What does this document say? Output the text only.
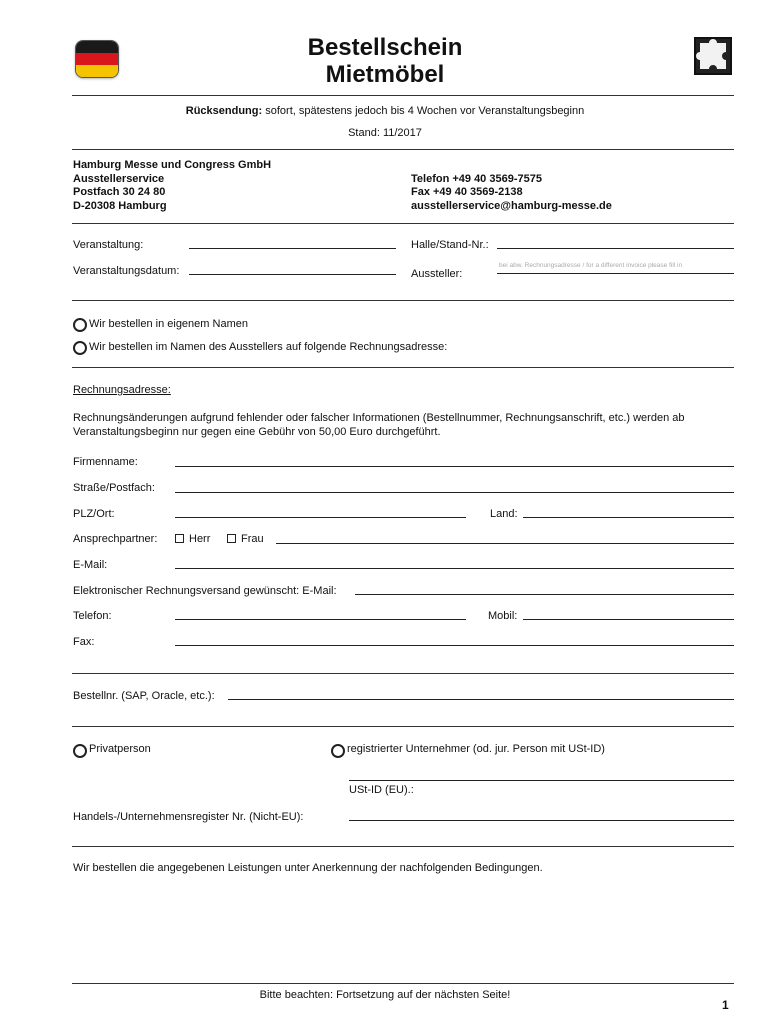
Bestellschein
Mietmöbel
Rücksendung: sofort, spätestens jedoch bis 4 Wochen vor Veranstaltungsbeginn
Stand: 11/2017
Hamburg Messe und Congress GmbH
Ausstellerservice
Postfach 30 24 80
D-20308 Hamburg
Telefon +49 40 3569-7575
Fax +49 40 3569-2138
ausstellerservice@hamburg-messe.de
Veranstaltung:	Halle/Stand-Nr.:
Veranstaltungsdatum:	Aussteller:
bei abw. Rechnungsadresse / for a different invoice please fill in
Wir bestellen in eigenem Namen
Wir bestellen im Namen des Ausstellers auf folgende Rechnungsadresse:
Rechnungsadresse:
Rechnungsänderungen aufgrund fehlender oder falscher Informationen (Bestellnummer, Rechnungsanschrift, etc.) werden ab
Veranstaltungsbeginn nur gegen eine Gebühr von 50,00 Euro durchgeführt.
Firmenname:
Straße/Postfach:
PLZ/Ort:	Land:
Ansprechpartner:	Herr	Frau
E-Mail:
Elektronischer Rechnungsversand gewünscht: E-Mail:
Telefon:	Mobil:
Fax:
Bestellnr. (SAP, Oracle, etc.):
Privatperson	registrierter Unternehmer (od. jur. Person mit USt-ID)
USt-ID (EU).:
Handels-/Unternehmensregister Nr. (Nicht-EU):
Wir bestellen die angegebenen Leistungen unter Anerkennung der nachfolgenden Bedingungen.
Bitte beachten: Fortsetzung auf der nächsten Seite!
1
